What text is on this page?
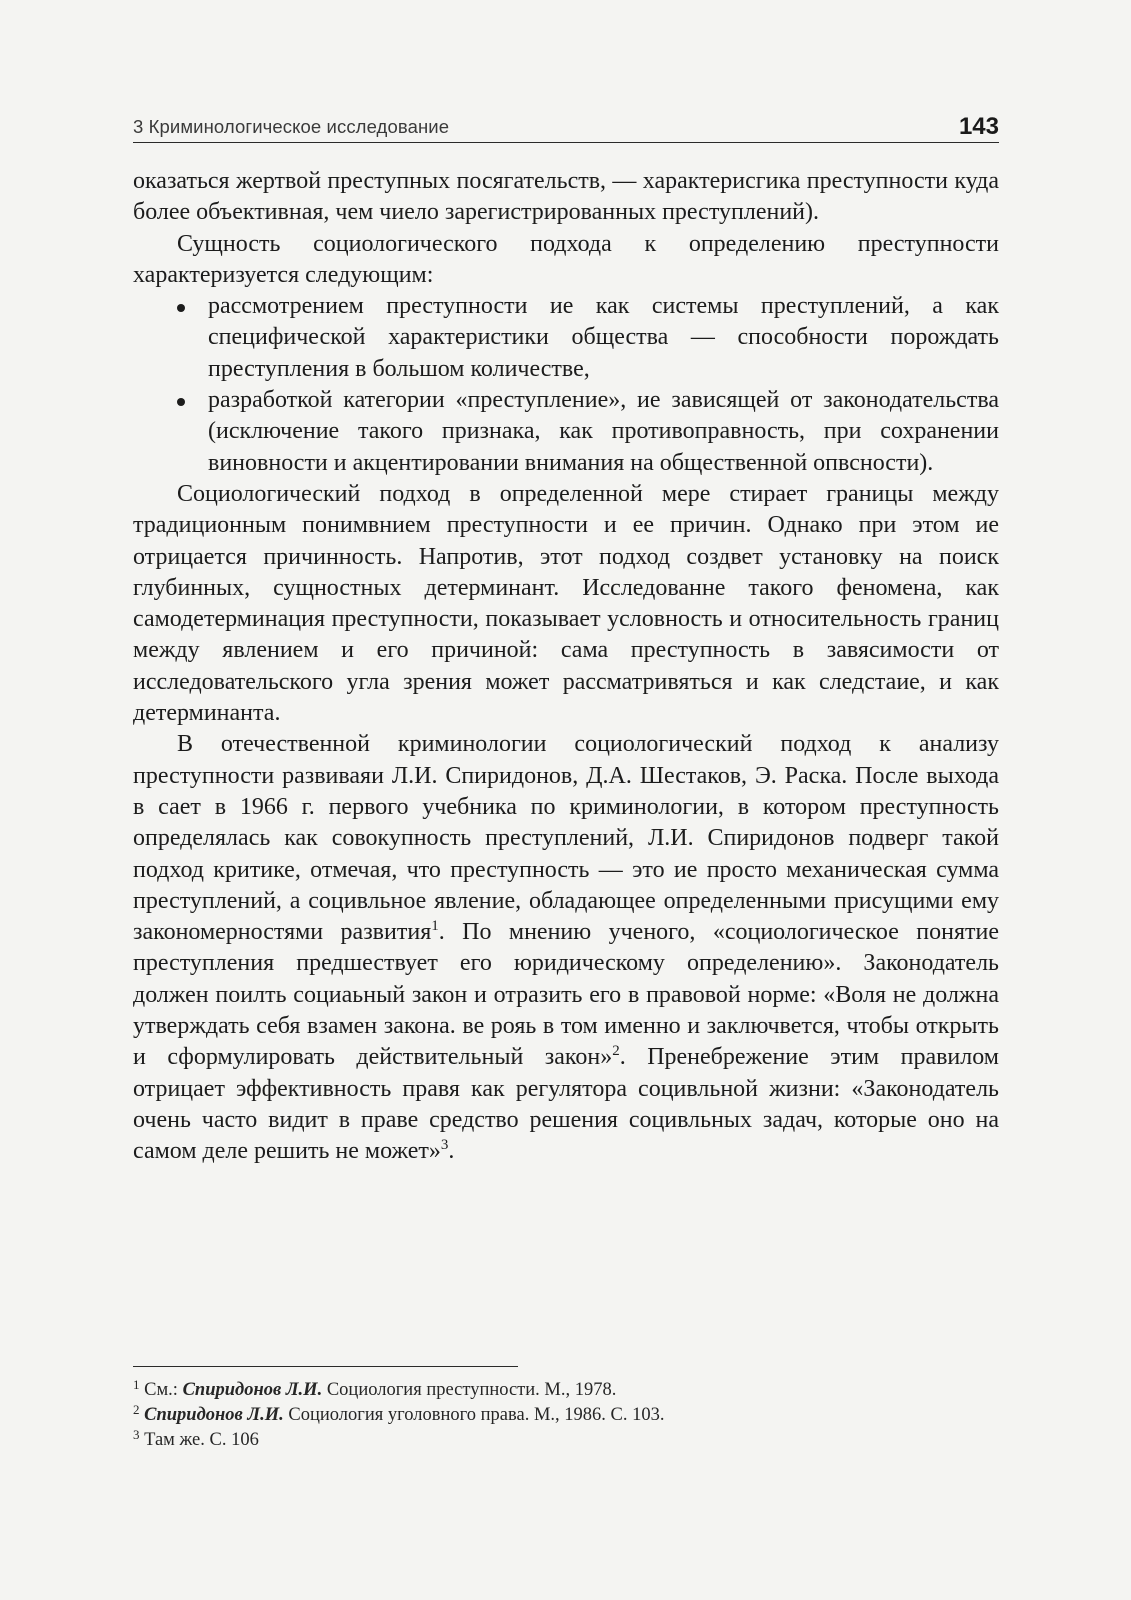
3 Криминологическое исследование	143

оказаться жертвой преступных посягательств, — характерисгика преступности куда более объективная, чем чиело зарегистрированных преступлений).

Сущность социологического подхода к определению преступности характеризуется следующим:

рассмотрением преступности ие как системы преступлений, а как специфической характеристики общества — способности порождать преступления в большом количестве,
разработкой категории «преступление», ие зависящей от законодательства (исключение такого признака, как противоправность, при сохранении виновности и акцентировании внимания на общественной опвсности).

Социологический подход в определенной мере стирает границы между традиционным понимвнием преступности и ее причин. Однако при этом ие отрицается причинность. Напротив, этот подход создвет установку на поиск глубинных, сущностных детерминант. Исследованне такого феномена, как самодетерминация преступности, показывает условность и относительность границ между явлением и его причиной: сама преступность в завясимости от исследовательского угла зрения может рассматривяться и как следстаие, и как детерминанта.

В отечественной криминологии социологический подход к анализу преступности развиваяи Л.И. Спиридонов, Д.А. Шестаков, Э. Раска. После выхода в сает в 1966 г. первого учебника по криминологии, в котором преступность определялась как совокупность преступлений, Л.И. Спиридонов подверг такой подход критике, отмечая, что преступность — это ие просто механическая сумма преступлений, а социвльное явление, обладающее определенными присущими ему закономерностями развития$^1$. По мнению ученого, «социологическое понятие преступления предшествует его юридическому определению». Законодатель должен поилть социаьный закон и отразить его в правовой норме: «Воля не должна утверждать себя взамен закона. ве рояь в том именно и заключвется, чтобы открыть и сформулировать действительный закон»$^2$. Пренебрежение этим правилом отрицает эффективность правя как регулятора социвльной жизни: «Законодатель очень часто видит в праве средство решения социвльных задач, которые оно на самом деле решить не может»$^3$.

$^1$ См.: Спиридонов Л.И. Социология преступности. М., 1978.

$^2$ Спиридонов Л.И. Социология уголовного права. М., 1986. С. 103.

$^3$ Там же. С. 106
